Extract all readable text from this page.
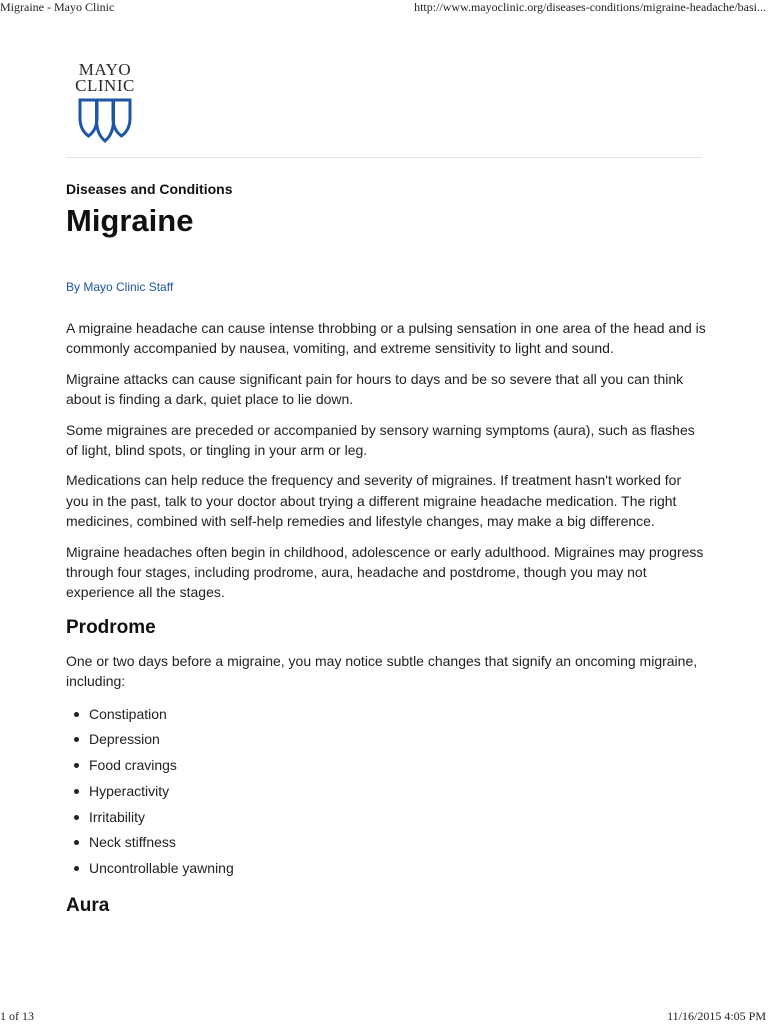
Migraine - Mayo Clinic	http://www.mayoclinic.org/diseases-conditions/migraine-headache/basi...
MAYO
CLINIC
Diseases and Conditions
Migraine
By Mayo Clinic Staff

A migraine headache can cause intense throbbing or a pulsing sensation in one area of the head and is commonly accompanied by nausea, vomiting, and extreme sensitivity to light and sound.

Migraine attacks can cause significant pain for hours to days and be so severe that all you can think about is finding a dark, quiet place to lie down.

Some migraines are preceded or accompanied by sensory warning symptoms (aura), such as flashes of light, blind spots, or tingling in your arm or leg.

Medications can help reduce the frequency and severity of migraines. If treatment hasn't worked for you in the past, talk to your doctor about trying a different migraine headache medication. The right medicines, combined with self-help remedies and lifestyle changes, may make a big difference.

Migraine headaches often begin in childhood, adolescence or early adulthood. Migraines may progress through four stages, including prodrome, aura, headache and postdrome, though you may not experience all the stages.

Prodrome

One or two days before a migraine, you may notice subtle changes that signify an oncoming migraine, including:

Constipation
Depression
Food cravings
Hyperactivity
Irritability
Neck stiffness
Uncontrollable yawning
Aura
1 of 13	11/16/2015 4:05 PM
